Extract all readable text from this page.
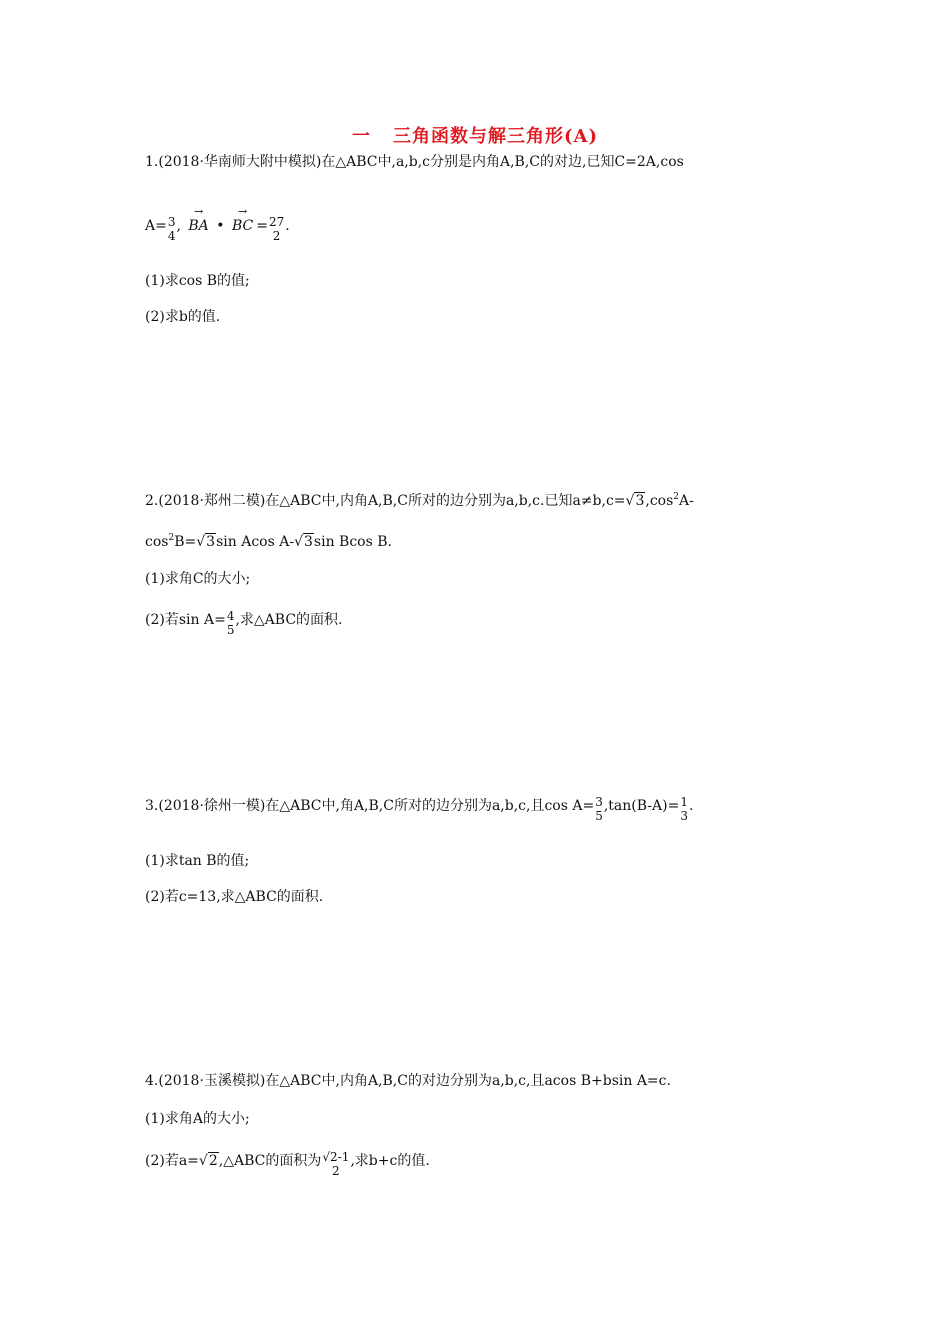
一 三角函数与解三角形(A)
1.(2018·华南师大附中模拟)在△ABC中,a,b,c分别是内角A,B,C的对边,已知C=2A,cos
A= 3
4
,
→
BA •
→
BC = 27
2
.
(1)求cos B的值;
(2)求b的值.
2.(2018·郑州二模)在△ABC中,内角A,B,C所对的边分别为a,b,c.已知$a\ne b,c=√3,\cos^2A-$
$\cos^2B=√3\sin$ Acos A-√3sin Bcos B.
(1)求角C的大小;
(2)若sin A= 4
5
,求△ABC的面积.
3.(2018·徐州一模)在△ABC中,角A,B,C所对的边分别为a,b,c,且cos A= 3
5
,tan(B-A)= 1
3
.
(1)求tan B的值;
(2)若c=13,求△ABC的面积.
4.(2018·玉溪模拟)在△ABC中,内角A,B,C的对边分别为a,b,c,且acos B+bsin A=c.
(1)求角A的大小;
(2)若a=√2,△ABC的面积为 √2-1
2
,求b+c的值.
